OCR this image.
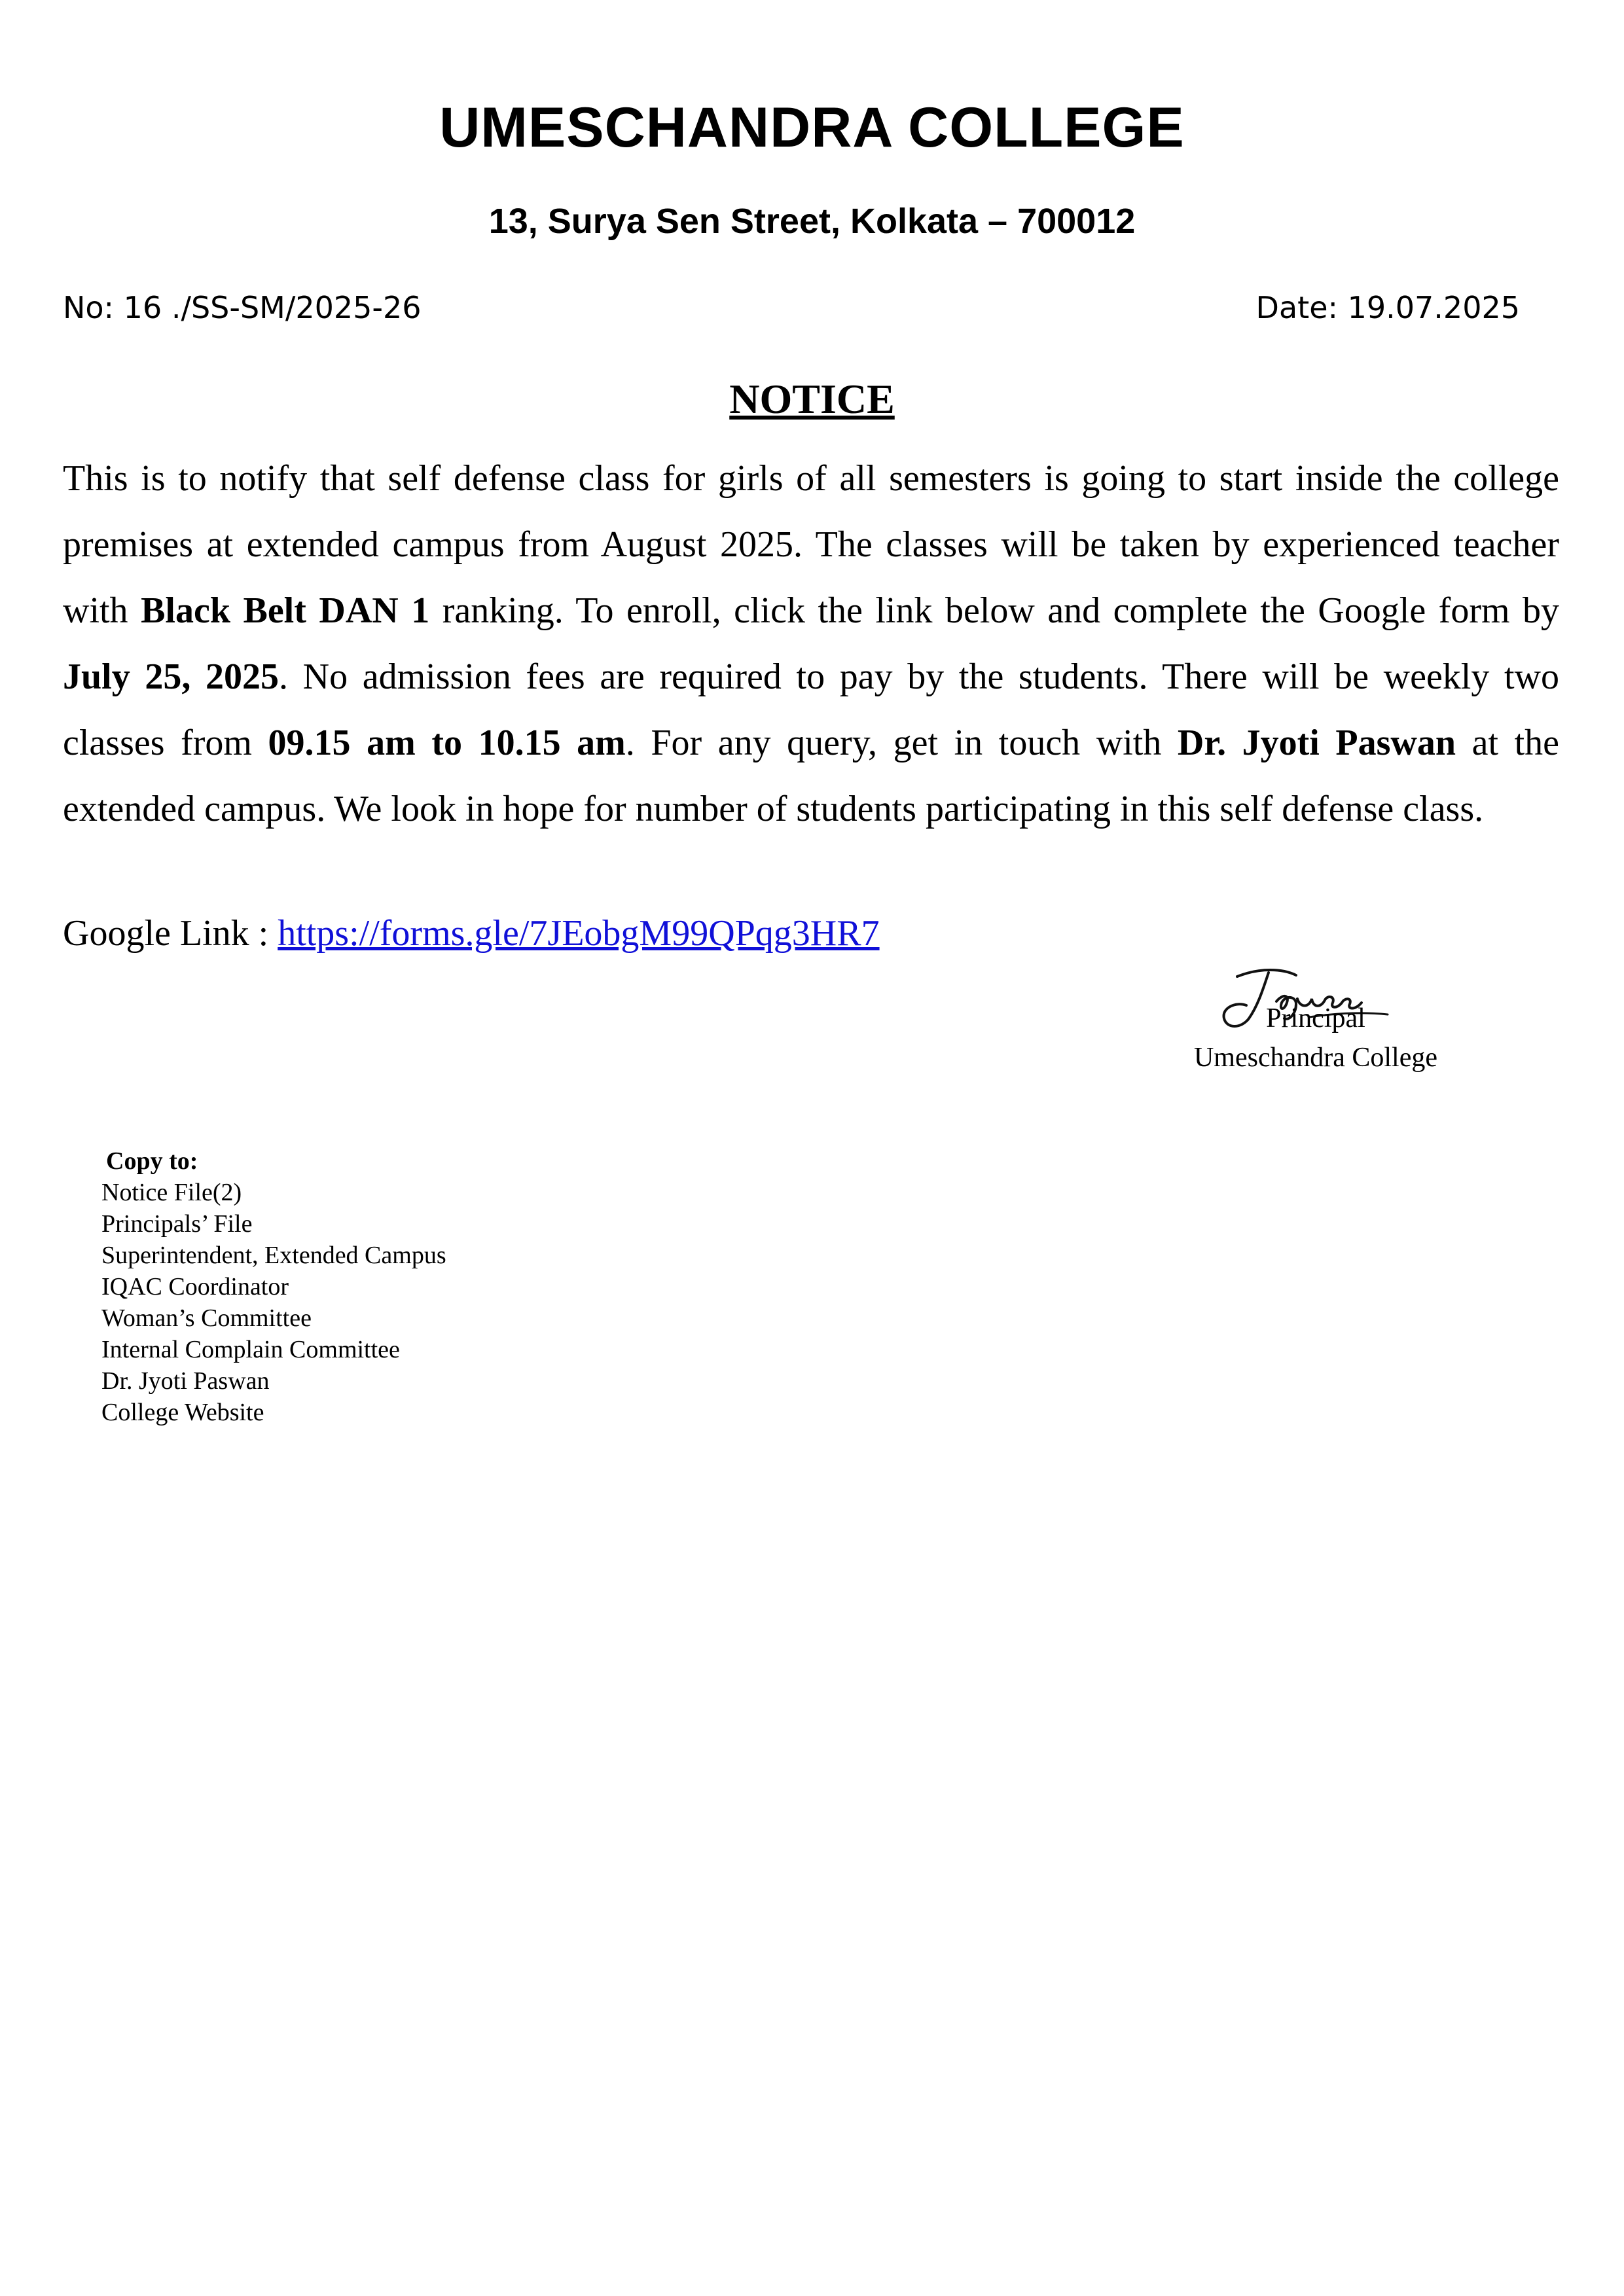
UMESCHANDRA COLLEGE
13, Surya Sen Street, Kolkata – 700012
No: 16 ./SS-SM/2025-26	Date: 19.07.2025
NOTICE
This is to notify that self defense class for girls of all semesters is going to start inside the college premises at extended campus from August 2025. The classes will be taken by experienced teacher with Black Belt DAN 1 ranking. To enroll, click the link below and complete the Google form by July 25, 2025. No admission fees are required to pay by the students. There will be weekly two classes from 09.15 am to 10.15 am. For any query, get in touch with Dr. Jyoti Paswan at the extended campus. We look in hope for number of students participating in this self defense class.
Google Link : https://forms.gle/7JEobgM99QPqg3HR7
Principal
Umeschandra College
Copy to:
Notice File(2)
Principals’ File
Superintendent, Extended Campus
IQAC Coordinator
Woman’s Committee
Internal Complain Committee
Dr. Jyoti Paswan
College Website
